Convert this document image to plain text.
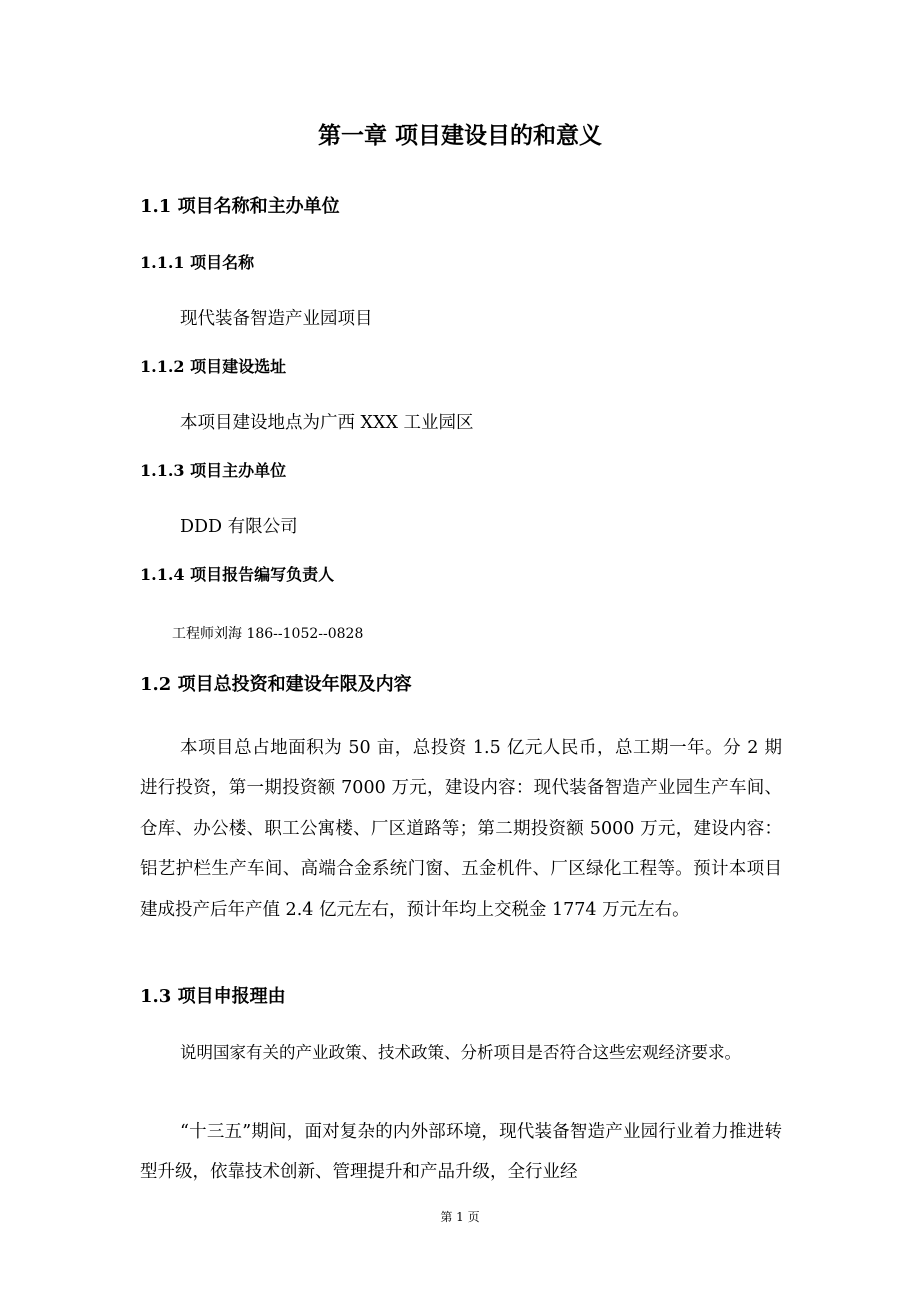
第一章 项目建设目的和意义
1.1 项目名称和主办单位
1.1.1 项目名称

现代装备智造产业园项目

1.1.2 项目建设选址

本项目建设地点为广西 XXX 工业园区

1.1.3 项目主办单位

DDD 有限公司

1.1.4 项目报告编写负责人

工程师刘海 186--1052--0828

1.2 项目总投资和建设年限及内容

本项目总占地面积为 50 亩，总投资 1.5 亿元人民币，总工期一年。分 2 期进行投资，第一期投资额 7000 万元，建设内容：现代装备智造产业园生产车间、仓库、办公楼、职工公寓楼、厂区道路等；第二期投资额 5000 万元，建设内容：铝艺护栏生产车间、高端合金系统门窗、五金机件、厂区绿化工程等。预计本项目建成投产后年产值 2.4 亿元左右，预计年均上交税金 1774 万元左右。

1.3 项目申报理由

说明国家有关的产业政策、技术政策、分析项目是否符合这些宏观经济要求。

“十三五”期间，面对复杂的内外部环境，现代装备智造产业园行业着力推进转型升级，依靠技术创新、管理提升和产品升级，全行业经

第 1 页
